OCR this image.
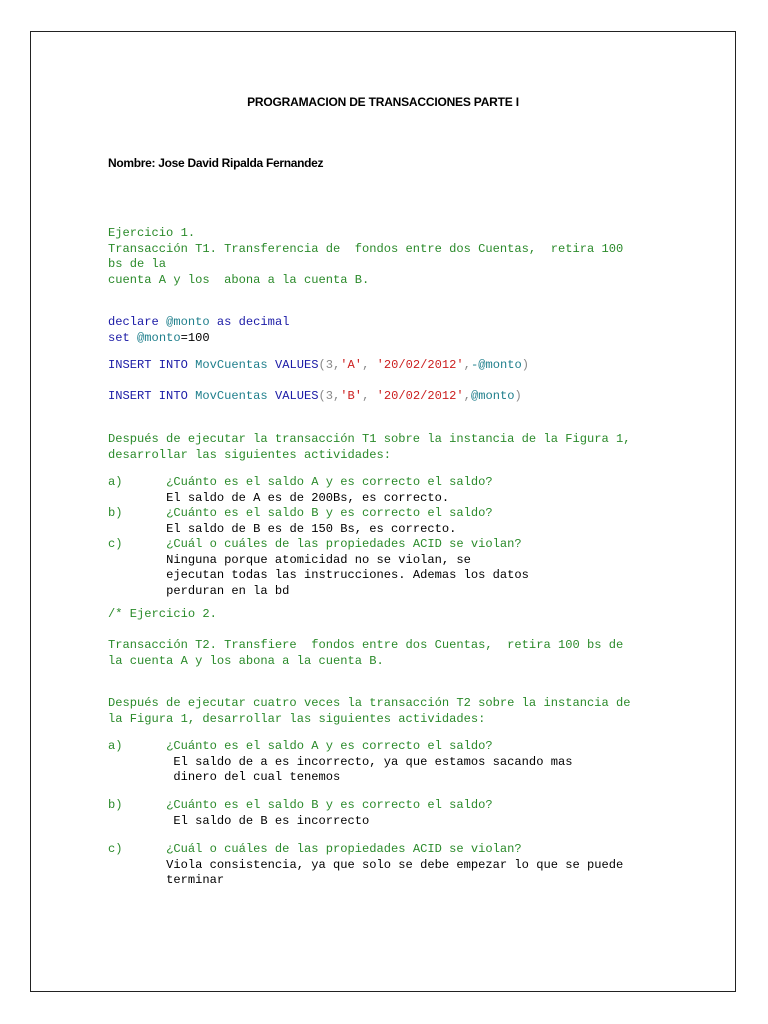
PROGRAMACION DE TRANSACCIONES PARTE I
Nombre: Jose David Ripalda Fernandez
Ejercicio 1.
Transacción T1. Transferencia de  fondos entre dos Cuentas,  retira 100
bs de la
cuenta A y los  abona a la cuenta B.
declare @monto as decimal
set @monto=100
INSERT INTO MovCuentas VALUES(3,'A', '20/02/2012',-@monto)
INSERT INTO MovCuentas VALUES(3,'B', '20/02/2012',@monto)
Después de ejecutar la transacción T1 sobre la instancia de la Figura 1,
desarrollar las siguientes actividades:
a)	¿Cuánto es el saldo A y es correcto el saldo?
El saldo de A es de 200Bs, es correcto.
b)	¿Cuánto es el saldo B y es correcto el saldo?
El saldo de B es de 150 Bs, es correcto.
c)	¿Cuál o cuáles de las propiedades ACID se violan?
Ninguna porque atomicidad no se violan, se
ejecutan todas las instrucciones. Ademas los datos
perduran en la bd
/* Ejercicio 2.
Transacción T2. Transfiere  fondos entre dos Cuentas,  retira 100 bs de
la cuenta A y los abona a la cuenta B.
Después de ejecutar cuatro veces la transacción T2 sobre la instancia de
la Figura 1, desarrollar las siguientes actividades:
a)	¿Cuánto es el saldo A y es correcto el saldo?
El saldo de a es incorrecto, ya que estamos sacando mas
dinero del cual tenemos
b)	¿Cuánto es el saldo B y es correcto el saldo?
El saldo de B es incorrecto
c)	¿Cuál o cuáles de las propiedades ACID se violan?
Viola consistencia, ya que solo se debe empezar lo que se puede
terminar
